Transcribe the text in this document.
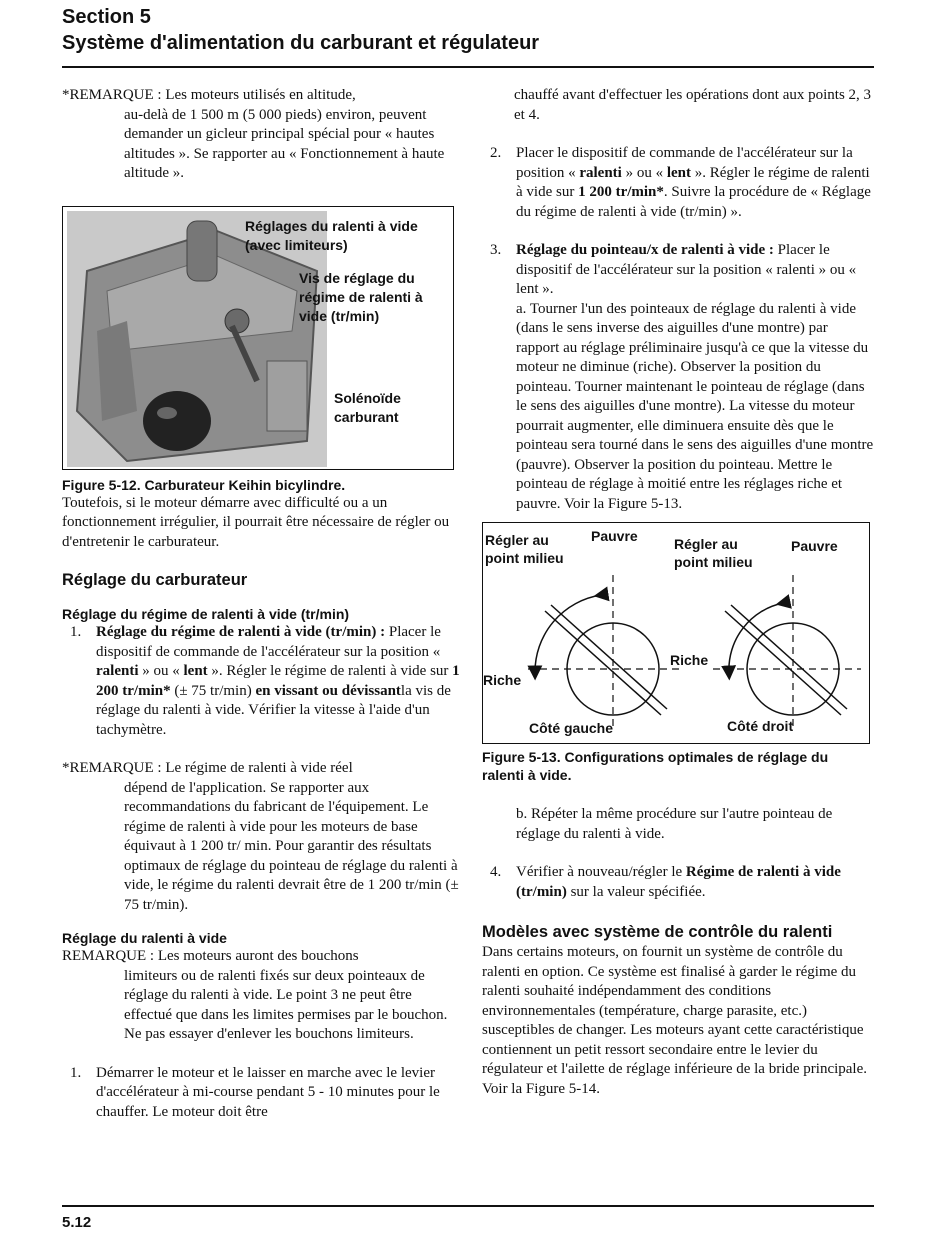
Section 5
Système d'alimentation du carburant et régulateur

*REMARQUE : Les moteurs utilisés en altitude,

au-delà de 1 500 m (5 000 pieds) environ, peuvent demander un gicleur principal spécial pour « hautes altitudes ». Se rapporter au « Fonctionnement à haute altitude ».

Réglages du ralenti à vide (avec limiteurs)
Vis de réglage du régime de ralenti à vide (tr/min)
Solénoïde carburant

Figure 5-12. Carburateur Keihin bicylindre.

Toutefois, si le moteur démarre avec difficulté ou a un fonctionnement irrégulier, il pourrait être nécessaire de régler ou d'entretenir le carburateur.

Réglage du carburateur

Réglage du régime de ralenti à vide (tr/min)

1. Réglage du régime de ralenti à vide (tr/min) : Placer le dispositif de commande de l'accélérateur sur la position « ralenti » ou « lent ». Régler le régime de ralenti à vide sur 1 200 tr/min* (± 75 tr/min) en vissant ou dévissantla vis de réglage du ralenti à vide. Vérifier la vitesse à l'aide d'un tachymètre.

*REMARQUE : Le régime de ralenti à vide réel

dépend de l'application. Se rapporter aux recommandations du fabricant de l'équipement. Le régime de ralenti à vide pour les moteurs de base équivaut à 1 200 tr/ min. Pour garantir des résultats optimaux de réglage du pointeau de réglage du ralenti à vide, le régime du ralenti devrait être de 1 200 tr/min (± 75 tr/min).

Réglage du ralenti à vide

REMARQUE : Les moteurs auront des bouchons

limiteurs ou de ralenti fixés sur deux pointeaux de réglage du ralenti à vide. Le point 3 ne peut être effectué que dans les limites permises par le bouchon. Ne pas essayer d'enlever les bouchons limiteurs.

1. Démarrer le moteur et le laisser en marche avec le levier d'accélérateur à mi-course pendant 5 - 10 minutes pour le chauffer. Le moteur doit être

chauffé avant d'effectuer les opérations dont aux points 2, 3 et 4.

2. Placer le dispositif de commande de l'accélérateur sur la position « ralenti » ou « lent ». Régler le régime de ralenti à vide sur 1 200 tr/min*. Suivre la procédure de « Réglage du régime de ralenti à vide (tr/min) ».
3. Réglage du pointeau/x de ralenti à vide : Placer le dispositif de l'accélérateur sur la position « ralenti » ou « lent ».

a. Tourner l'un des pointeaux de réglage du ralenti à vide (dans le sens inverse des aiguilles d'une montre) par rapport au réglage préliminaire jusqu'à ce que la vitesse du moteur ne diminue (riche). Observer la position du pointeau. Tourner maintenant le pointeau de réglage (dans le sens des aiguilles d'une montre). La vitesse du moteur pourrait augmenter, elle diminuera ensuite dès que le pointeau sera tourné dans le sens des aiguilles d'une montre (pauvre). Observer la position du pointeau. Mettre le pointeau de réglage à moitié entre les réglages riche et pauvre. Voir la Figure 5-13.

Régler au point milieu
Pauvre
Riche
Côté gauche
Régler au point milieu
Pauvre
Riche
Côté droit

Figure 5-13. Configurations optimales de réglage du ralenti à vide.

b. Répéter la même procédure sur l'autre pointeau de réglage du ralenti à vide.

4. Vérifier à nouveau/régler le Régime de ralenti à vide (tr/min) sur la valeur spécifiée.

Modèles avec système de contrôle du ralenti

Dans certains moteurs, on fournit un système de contrôle du ralenti en option. Ce système est finalisé à garder le régime du ralenti souhaité indépendamment des conditions environnementales (température, charge parasite, etc.) susceptibles de changer. Les moteurs ayant cette caractéristique contiennent un petit ressort secondaire entre le levier du régulateur et l'ailette de réglage inférieure de la bride principale. Voir la Figure 5-14.

5.12
